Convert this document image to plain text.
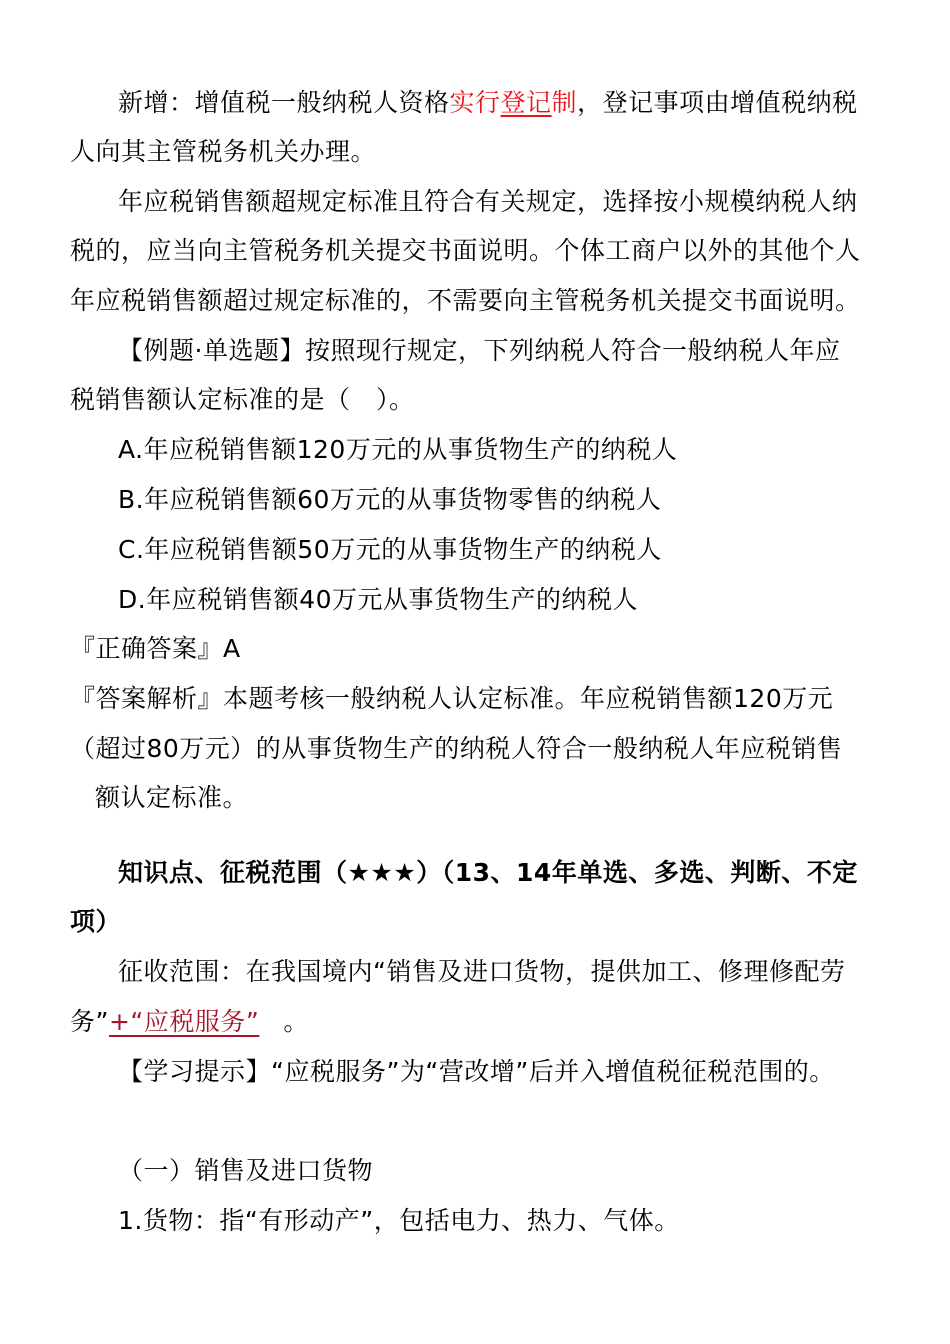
新增：增值税一般纳税人资格实行登记制，登记事项由增值税纳税
人向其主管税务机关办理。
年应税销售额超规定标准且符合有关规定，选择按小规模纳税人纳
税的，应当向主管税务机关提交书面说明。个体工商户以外的其他个人
年应税销售额超过规定标准的，不需要向主管税务机关提交书面说明。
【例题·单选题】按照现行规定，下列纳税人符合一般纳税人年应
税销售额认定标准的是（　）。
A.年应税销售额120万元的从事货物生产的纳税人
B.年应税销售额60万元的从事货物零售的纳税人
C.年应税销售额50万元的从事货物生产的纳税人
D.年应税销售额40万元从事货物生产的纳税人
『正确答案』A
『答案解析』本题考核一般纳税人认定标准。年应税销售额120万元
（超过80万元）的从事货物生产的纳税人符合一般纳税人年应税销售
额认定标准。
知识点、征税范围（★★★）（13、14年单选、多选、判断、不定
项）
征收范围：在我国境内“销售及进口货物，提供加工、修理修配劳
务”+“应税服务” 。
【学习提示】“应税服务”为“营改增”后并入增值税征税范围的。
（一）销售及进口货物
1.货物：指“有形动产”，包括电力、热力、气体。
